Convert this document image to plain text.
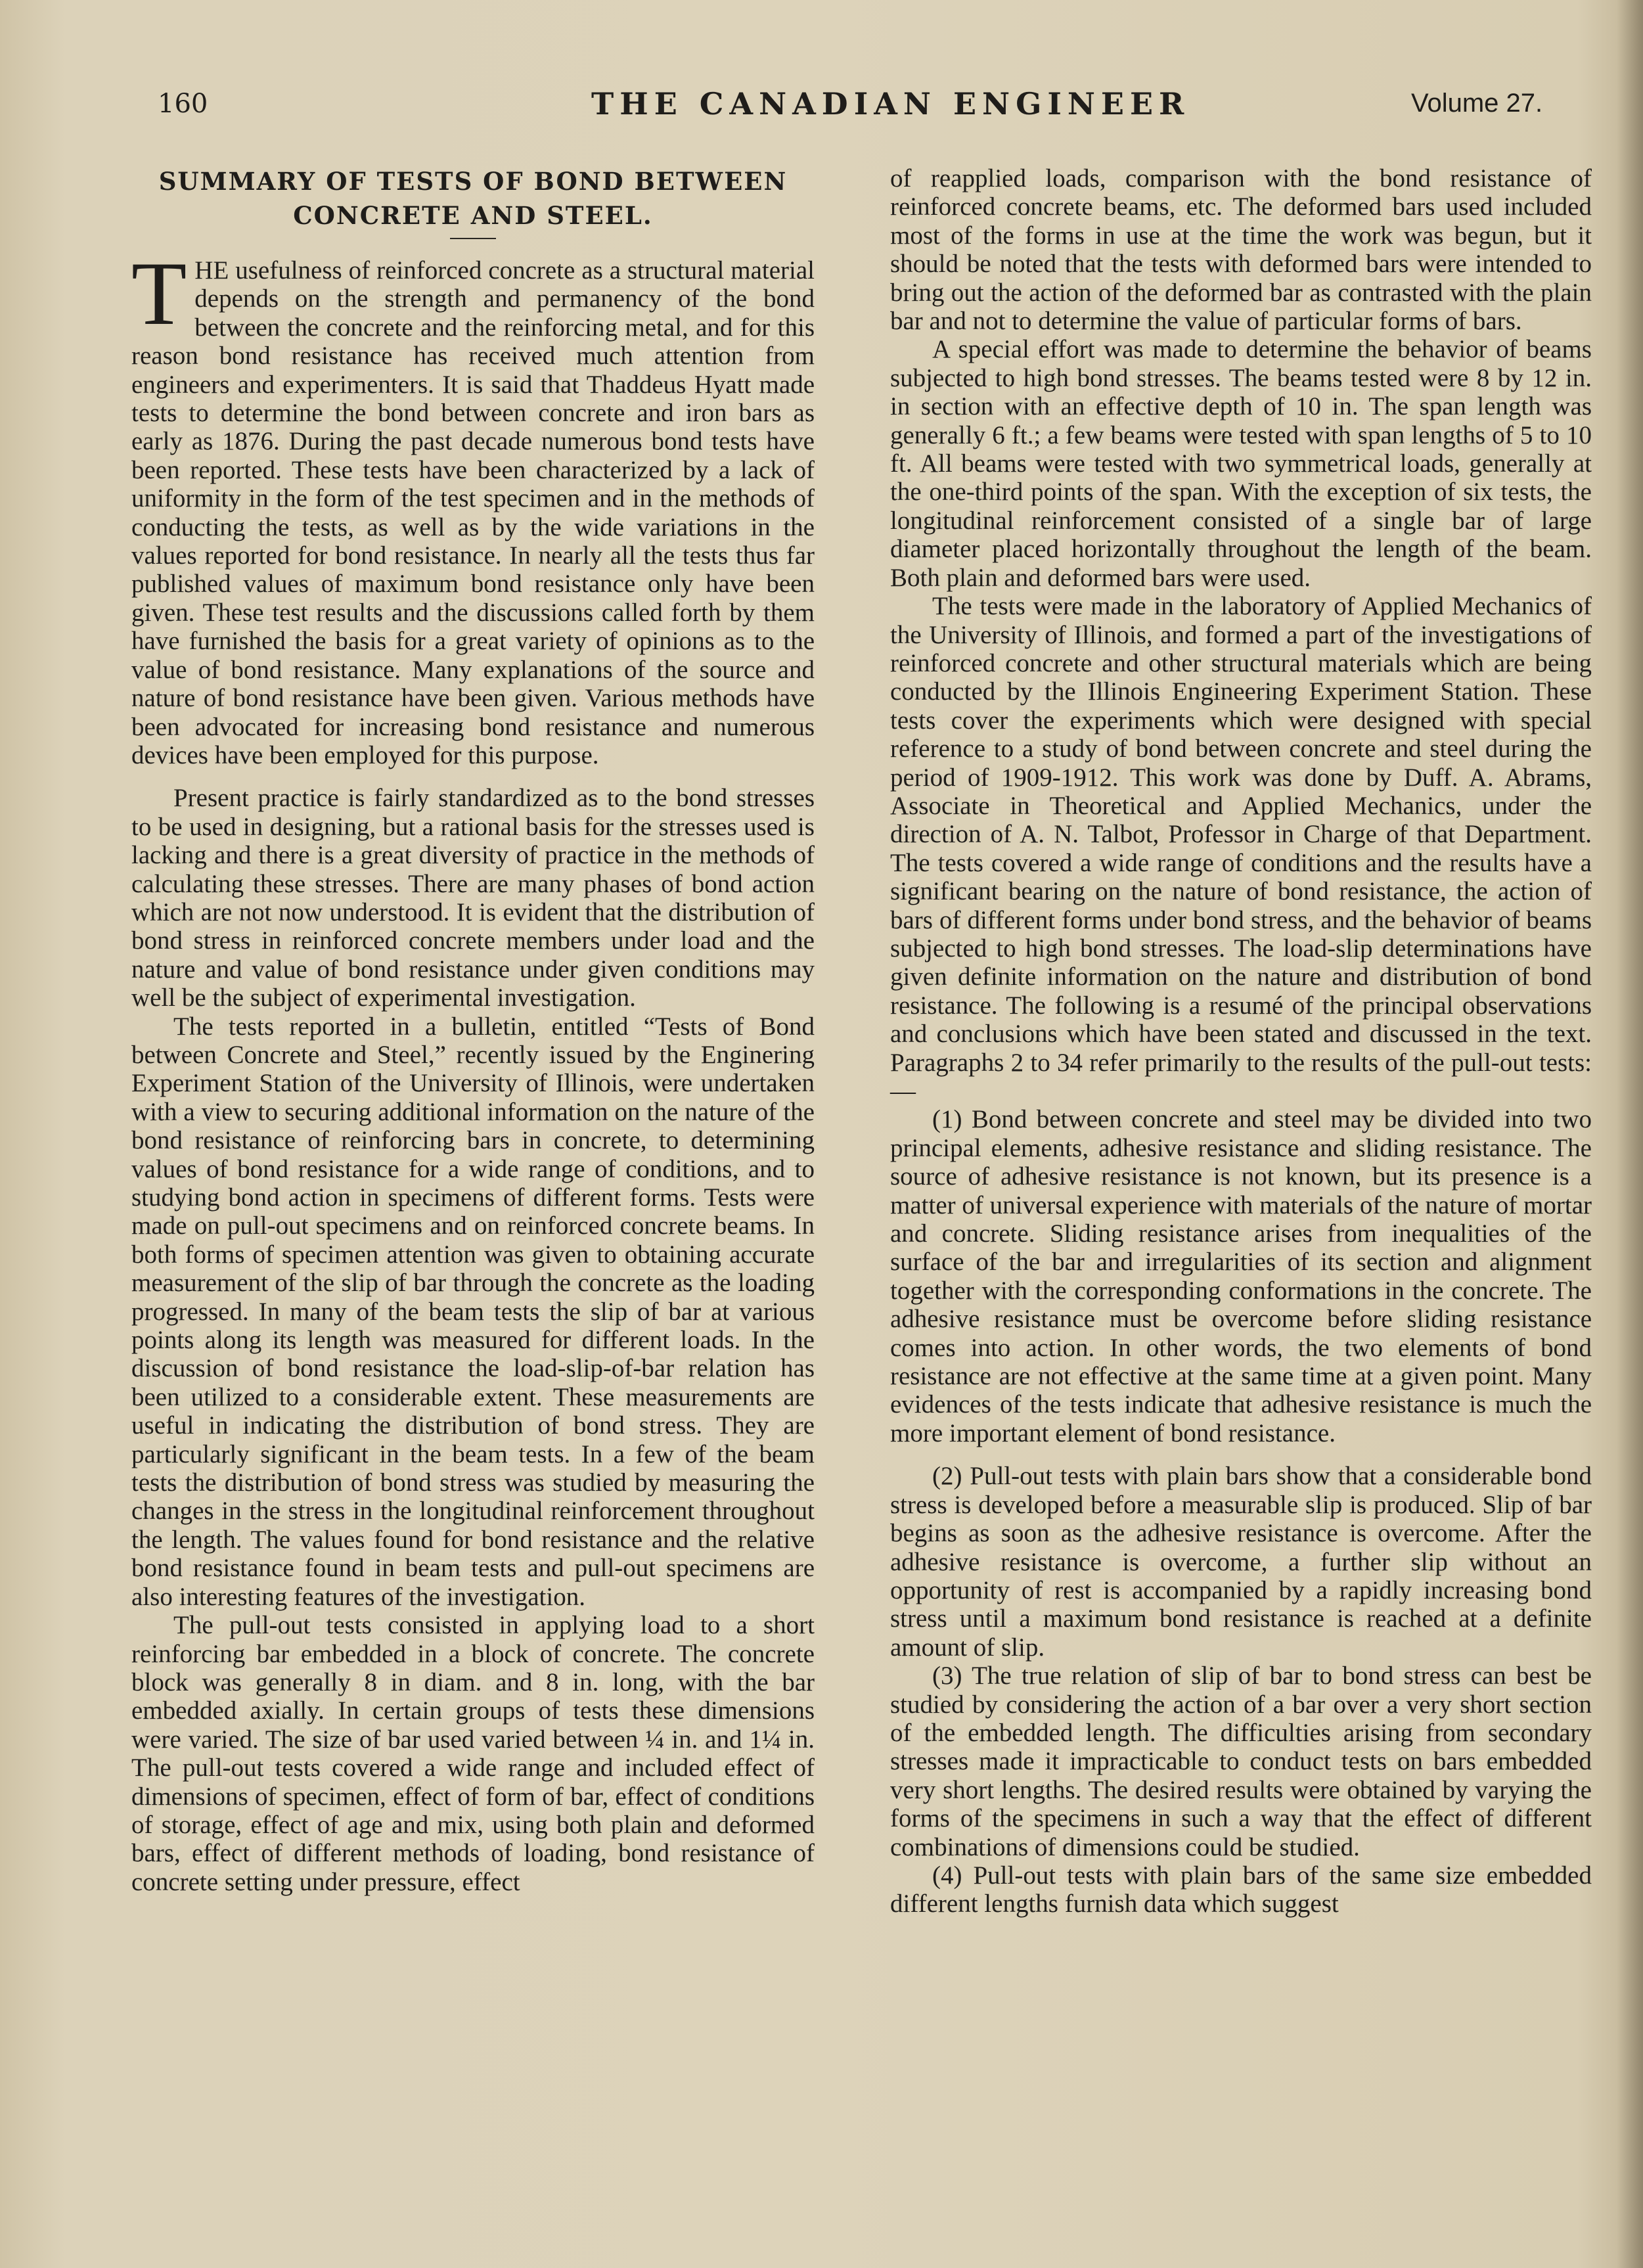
160	THE CANADIAN ENGINEER	Volume 27.
SUMMARY OF TESTS OF BOND BETWEEN
CONCRETE AND STEEL.

THE usefulness of reinforced concrete as a structural material depends on the strength and permanency of the bond between the concrete and the reinforcing metal, and for this reason bond resistance has received much attention from engineers and experimenters. It is said that Thaddeus Hyatt made tests to determine the bond between concrete and iron bars as early as 1876. During the past decade numerous bond tests have been reported. These tests have been characterized by a lack of uniformity in the form of the test specimen and in the methods of conducting the tests, as well as by the wide variations in the values reported for bond resistance. In nearly all the tests thus far published values of maximum bond resistance only have been given. These test results and the discussions called forth by them have furnished the basis for a great variety of opinions as to the value of bond resistance. Many explanations of the source and nature of bond resistance have been given. Various methods have been advocated for increasing bond resistance and numerous devices have been employed for this purpose.

Present practice is fairly standardized as to the bond stresses to be used in designing, but a rational basis for the stresses used is lacking and there is a great diversity of practice in the methods of calculating these stresses. There are many phases of bond action which are not now understood. It is evident that the distribution of bond stress in reinforced concrete members under load and the nature and value of bond resistance under given conditions may well be the subject of experimental investigation.

The tests reported in a bulletin, entitled “Tests of Bond between Concrete and Steel,” recently issued by the Enginering Experiment Station of the University of Illinois, were undertaken with a view to securing additional information on the nature of the bond resistance of reinforcing bars in concrete, to determining values of bond resistance for a wide range of conditions, and to studying bond action in specimens of different forms. Tests were made on pull-out specimens and on reinforced concrete beams. In both forms of specimen attention was given to obtaining accurate measurement of the slip of bar through the concrete as the loading progressed. In many of the beam tests the slip of bar at various points along its length was measured for different loads. In the discussion of bond resistance the load-slip-of-bar relation has been utilized to a considerable extent. These measurements are useful in indicating the distribution of bond stress. They are particularly significant in the beam tests. In a few of the beam tests the distribution of bond stress was studied by measuring the changes in the stress in the longitudinal reinforcement throughout the length. The values found for bond resistance and the relative bond resistance found in beam tests and pull-out specimens are also interesting features of the investigation.

The pull-out tests consisted in applying load to a short reinforcing bar embedded in a block of concrete. The concrete block was generally 8 in diam. and 8 in. long, with the bar embedded axially. In certain groups of tests these dimensions were varied. The size of bar used varied between ¼ in. and 1¼ in. The pull-out tests covered a wide range and included effect of dimensions of specimen, effect of form of bar, effect of conditions of storage, effect of age and mix, using both plain and deformed bars, effect of different methods of loading, bond resistance of concrete setting under pressure, effect

of reapplied loads, comparison with the bond resistance of reinforced concrete beams, etc. The deformed bars used included most of the forms in use at the time the work was begun, but it should be noted that the tests with deformed bars were intended to bring out the action of the deformed bar as contrasted with the plain bar and not to determine the value of particular forms of bars.

A special effort was made to determine the behavior of beams subjected to high bond stresses. The beams tested were 8 by 12 in. in section with an effective depth of 10 in. The span length was generally 6 ft.; a few beams were tested with span lengths of 5 to 10 ft. All beams were tested with two symmetrical loads, generally at the one-third points of the span. With the exception of six tests, the longitudinal reinforcement consisted of a single bar of large diameter placed horizontally throughout the length of the beam. Both plain and deformed bars were used.

The tests were made in the laboratory of Applied Mechanics of the University of Illinois, and formed a part of the investigations of reinforced concrete and other structural materials which are being conducted by the Illinois Engineering Experiment Station. These tests cover the experiments which were designed with special reference to a study of bond between concrete and steel during the period of 1909-1912. This work was done by Duff. A. Abrams, Associate in Theoretical and Applied Mechanics, under the direction of A. N. Talbot, Professor in Charge of that Department. The tests covered a wide range of conditions and the results have a significant bearing on the nature of bond resistance, the action of bars of different forms under bond stress, and the behavior of beams subjected to high bond stresses. The load-slip determinations have given definite information on the nature and distribution of bond resistance. The following is a resumé of the principal observations and conclusions which have been stated and discussed in the text. Paragraphs 2 to 34 refer primarily to the results of the pull-out tests:—

(1) Bond between concrete and steel may be divided into two principal elements, adhesive resistance and sliding resistance. The source of adhesive resistance is not known, but its presence is a matter of universal experience with materials of the nature of mortar and concrete. Sliding resistance arises from inequalities of the surface of the bar and irregularities of its section and alignment together with the corresponding conformations in the concrete. The adhesive resistance must be overcome before sliding resistance comes into action. In other words, the two elements of bond resistance are not effective at the same time at a given point. Many evidences of the tests indicate that adhesive resistance is much the more important element of bond resistance.

(2) Pull-out tests with plain bars show that a considerable bond stress is developed before a measurable slip is produced. Slip of bar begins as soon as the adhesive resistance is overcome. After the adhesive resistance is overcome, a further slip without an opportunity of rest is accompanied by a rapidly increasing bond stress until a maximum bond resistance is reached at a definite amount of slip.

(3) The true relation of slip of bar to bond stress can best be studied by considering the action of a bar over a very short section of the embedded length. The difficulties arising from secondary stresses made it impracticable to conduct tests on bars embedded very short lengths. The desired results were obtained by varying the forms of the specimens in such a way that the effect of different combinations of dimensions could be studied.

(4) Pull-out tests with plain bars of the same size embedded different lengths furnish data which suggest
